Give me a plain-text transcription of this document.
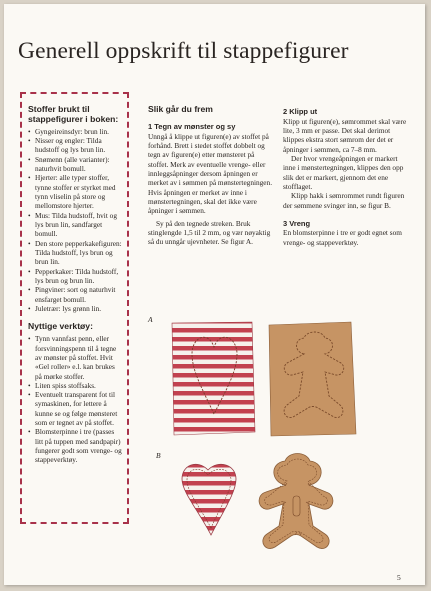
Generell oppskrift til stappefigurer
Stoffer brukt til stappefigurer i boken:
• Gyngeireinsdyr: brun lin.
• Nisser og engler: Tilda hudstoff og lys brun lin.
• Snømenn (alle varianter): naturhvit bomull.
• Hjerter: alle typer stoffer, tynne stoffer er styrket med tynn vliselin på store og mellomstore hjerter.
• Mus: Tilda hudstoff, hvit og lys brun lin, sandfarget bomull.
• Den store pepperkakefiguren: Tilda hudstoff, lys brun og brun lin.
• Pepperkaker: Tilda hudstoff, lys brun og brun lin.
• Pingviner: sort og naturhvit ensfarget bomull.
• Juletrær: lys grønn lin.
Nyttige verktøy:
• Tynn vannfast penn, eller forsvinningspenn til å tegne av mønster på stoffet. Hvit «Gel roller» e.l. kan brukes på mørke stoffer.
• Liten spiss stoffsaks.
• Eventuelt transparent fot til symaskinen, for lettere å kunne se og følge mønsteret som er tegnet av på stoffet.
• Blomsterpinne i tre (passes litt på tuppen med sandpapir) fungerer godt som vrenge- og stappeverktøy.
Slik går du frem
1 Tegn av mønster og sy

Unngå å klippe ut figuren(e) av stoffet på forhånd. Brett i stedet stoffet dobbelt og tegn av figuren(e) etter mønsteret på stoffet. Merk av eventuelle vrenge- eller innleggsåpninger dersom åpningen er merket av i sømmen på mønstertegningen. Hvis åpningen er merket av inne i mønstertegningen, skal det ikke være åpninger i sømmen.

Sy på den tegnede streken. Bruk stinglengde 1,5 til 2 mm, og vær nøyaktig så du unngår ujevnheter. Se figur A.

2 Klipp ut

Klipp ut figuren(e), sømrommet skal være lite, 3 mm er passe. Det skal derimot klippes ekstra stort sømrom der det er åpninger i sømmen, ca 7–8 mm.

Der hvor vrengeåpningen er markert inne i mønstertegningen, klippes den opp slik det er markert, gjennom det ene stofflaget.

Klipp hakk i sømrommet rundt figuren der sømmene svinger inn, se figur B.

3 Vreng

En blomsterpinne i tre er godt egnet som vrenge- og stappeverktøy.

A
B
5
